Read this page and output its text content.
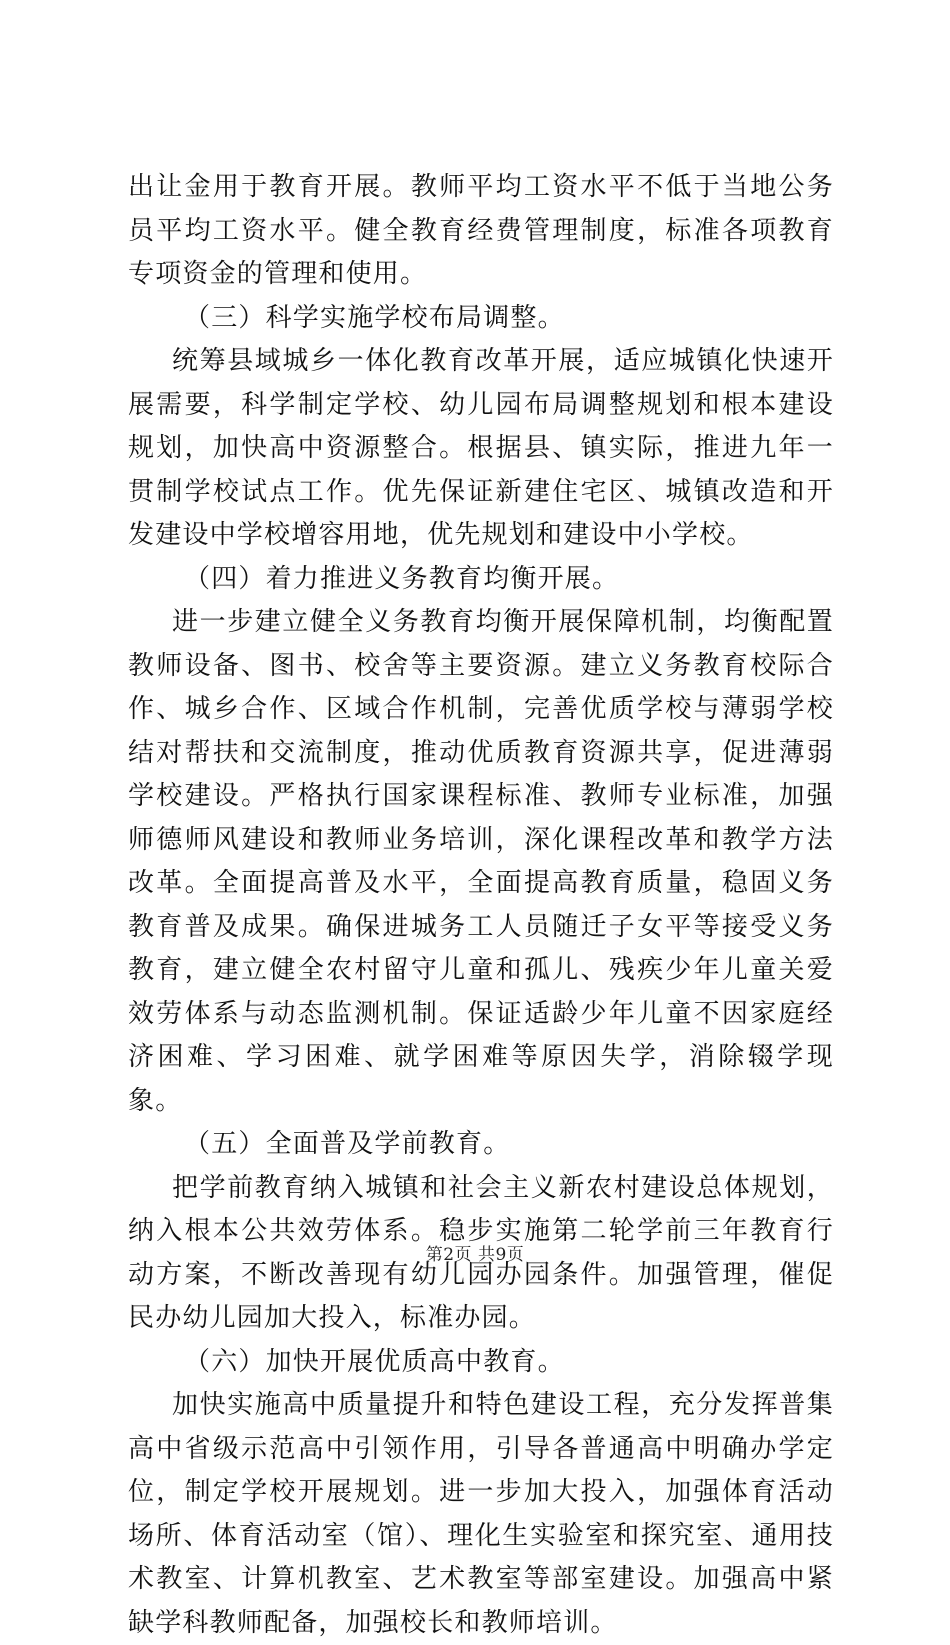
出让金用于教育开展。教师平均工资水平不低于当地公务员平均工资水平。健全教育经费管理制度，标准各项教育专项资金的管理和使用。

（三）科学实施学校布局调整。

统筹县域城乡一体化教育改革开展，适应城镇化快速开展需要，科学制定学校、幼儿园布局调整规划和根本建设规划，加快高中资源整合。根据县、镇实际，推进九年一贯制学校试点工作。优先保证新建住宅区、城镇改造和开发建设中学校增容用地，优先规划和建设中小学校。

（四）着力推进义务教育均衡开展。

进一步建立健全义务教育均衡开展保障机制，均衡配置教师设备、图书、校舍等主要资源。建立义务教育校际合作、城乡合作、区域合作机制，完善优质学校与薄弱学校结对帮扶和交流制度，推动优质教育资源共享，促进薄弱学校建设。严格执行国家课程标准、教师专业标准，加强师德师风建设和教师业务培训，深化课程改革和教学方法改革。全面提高普及水平，全面提高教育质量，稳固义务教育普及成果。确保进城务工人员随迁子女平等接受义务教育，建立健全农村留守儿童和孤儿、残疾少年儿童关爱效劳体系与动态监测机制。保证适龄少年儿童不因家庭经济困难、学习困难、就学困难等原因失学，消除辍学现象。

（五）全面普及学前教育。

把学前教育纳入城镇和社会主义新农村建设总体规划，纳入根本公共效劳体系。稳步实施第二轮学前三年教育行动方案，不断改善现有幼儿园办园条件。加强管理，催促民办幼儿园加大投入，标准办园。

（六）加快开展优质高中教育。

加快实施高中质量提升和特色建设工程，充分发挥普集高中省级示范高中引领作用，引导各普通高中明确办学定位，制定学校开展规划。进一步加大投入，加强体育活动场所、体育活动室（馆）、理化生实验室和探究室、通用技术教室、计算机教室、艺术教室等部室建设。加强高中紧缺学科教师配备，加强校长和教师培训。

第2页 共9页
